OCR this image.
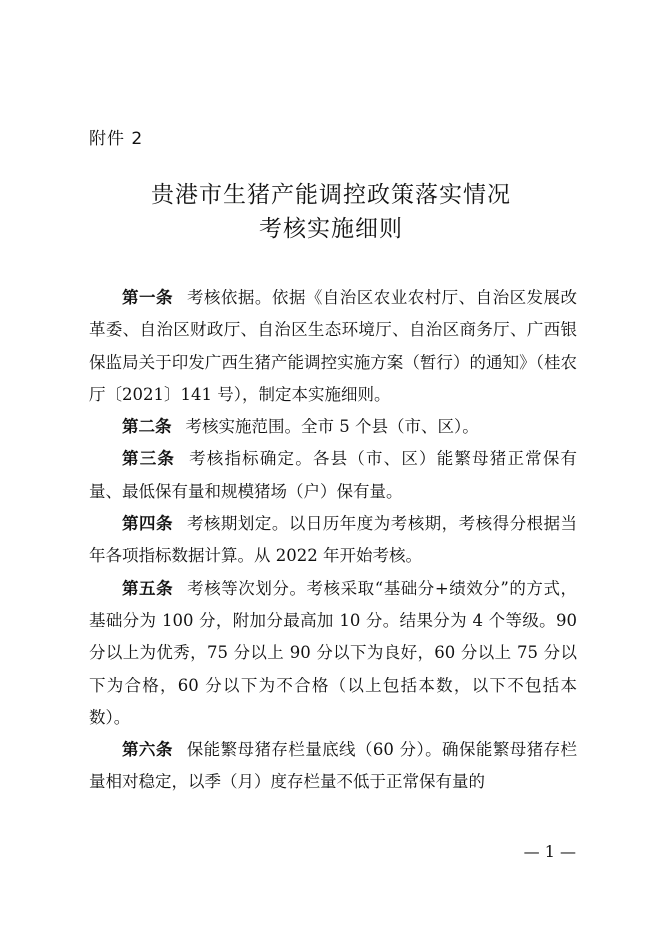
附件 2
贵港市生猪产能调控政策落实情况
考核实施细则

第一条 考核依据。依据《自治区农业农村厅、自治区发展改革委、自治区财政厅、自治区生态环境厅、自治区商务厅、广西银保监局关于印发广西生猪产能调控实施方案（暂行）的通知》（桂农厅〔2021〕141 号），制定本实施细则。

第二条 考核实施范围。全市 5 个县（市、区）。

第三条 考核指标确定。各县（市、区）能繁母猪正常保有量、最低保有量和规模猪场（户）保有量。

第四条 考核期划定。以日历年度为考核期，考核得分根据当年各项指标数据计算。从 2022 年开始考核。

第五条 考核等次划分。考核采取“基础分+绩效分”的方式，基础分为 100 分，附加分最高加 10 分。结果分为 4 个等级。90 分以上为优秀，75 分以上 90 分以下为良好，60 分以上 75 分以下为合格，60 分以下为不合格（以上包括本数，以下不包括本数）。

第六条 保能繁母猪存栏量底线（60 分）。确保能繁母猪存栏量相对稳定，以季（月）度存栏量不低于正常保有量的

— 1 —
